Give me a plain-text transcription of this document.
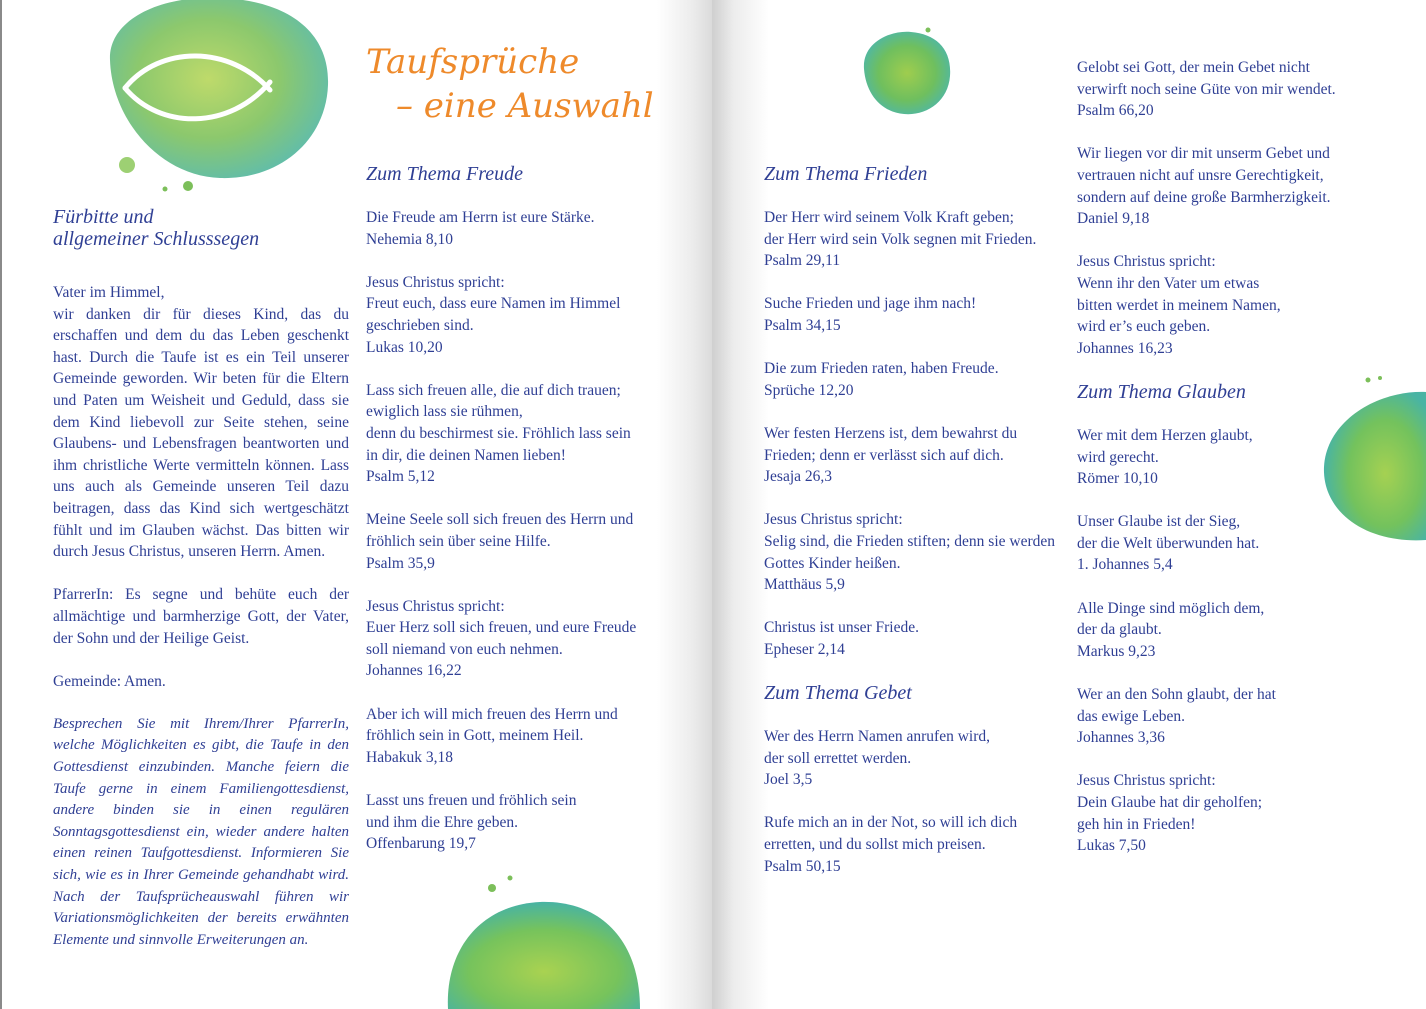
Fürbitte und
allgemeiner Schlusssegen
Vater im Himmel,

wir danken dir für dieses Kind, das du erschaffen und dem du das Leben geschenkt hast. Durch die Taufe ist es ein Teil unserer Gemeinde geworden. Wir beten für die Eltern und Paten um Weisheit und Geduld, dass sie dem Kind liebevoll zur Seite stehen, seine Glaubens- und Lebensfragen beantworten und ihm christliche Werte vermitteln können. Lass uns auch als Gemeinde unseren Teil dazu beitragen, dass das Kind sich wertgeschätzt fühlt und im Glauben wächst. Das bitten wir durch Jesus Christus, unseren Herrn. Amen.

PfarrerIn: Es segne und behüte euch der allmächtige und barmherzige Gott, der Vater, der Sohn und der Heilige Geist.

Gemeinde: Amen.

Besprechen Sie mit Ihrem/Ihrer PfarrerIn, welche Möglichkeiten es gibt, die Taufe in den Gottesdienst einzubinden. Manche feiern die Taufe gerne in einem Familiengottesdienst, andere binden sie in einen regulären Sonntagsgottesdienst ein, wieder andere halten einen reinen Taufgottesdienst. Informieren Sie sich, wie es in Ihrer Gemeinde gehandhabt wird. Nach der Taufsprücheauswahl führen wir Variationsmöglichkeiten der bereits erwähnten Elemente und sinnvolle Erweiterungen an.

Taufsprüche
– eine Auswahl
Zum Thema Freude
Die Freude am Herrn ist eure Stärke.
Nehemia 8,10
Jesus Christus spricht:
Freut euch, dass eure Namen im Himmel
geschrieben sind.
Lukas 10,20
Lass sich freuen alle, die auf dich trauen;
ewiglich lass sie rühmen,
denn du beschirmest sie. Fröhlich lass sein
in dir, die deinen Namen lieben!
Psalm 5,12
Meine Seele soll sich freuen des Herrn und
fröhlich sein über seine Hilfe.
Psalm 35,9
Jesus Christus spricht:
Euer Herz soll sich freuen, und eure Freude
soll niemand von euch nehmen.
Johannes 16,22
Aber ich will mich freuen des Herrn und
fröhlich sein in Gott, meinem Heil.
Habakuk 3,18
Lasst uns freuen und fröhlich sein
und ihm die Ehre geben.
Offenbarung 19,7
Zum Thema Frieden
Der Herr wird seinem Volk Kraft geben;
der Herr wird sein Volk segnen mit Frieden.
Psalm 29,11
Suche Frieden und jage ihm nach!
Psalm 34,15
Die zum Frieden raten, haben Freude.
Sprüche 12,20
Wer festen Herzens ist, dem bewahrst du
Frieden; denn er verlässt sich auf dich.
Jesaja 26,3
Jesus Christus spricht:
Selig sind, die Frieden stiften; denn sie werden
Gottes Kinder heißen.
Matthäus 5,9
Christus ist unser Friede.
Epheser 2,14
Zum Thema Gebet
Wer des Herrn Namen anrufen wird,
der soll errettet werden.
Joel 3,5
Rufe mich an in der Not, so will ich dich
erretten, und du sollst mich preisen.
Psalm 50,15
Gelobt sei Gott, der mein Gebet nicht
verwirft noch seine Güte von mir wendet.
Psalm 66,20
Wir liegen vor dir mit unserm Gebet und
vertrauen nicht auf unsre Gerechtigkeit,
sondern auf deine große Barmherzigkeit.
Daniel 9,18
Jesus Christus spricht:
Wenn ihr den Vater um etwas
bitten werdet in meinem Namen,
wird er’s euch geben.
Johannes 16,23
Zum Thema Glauben
Wer mit dem Herzen glaubt,
wird gerecht.
Römer 10,10
Unser Glaube ist der Sieg,
der die Welt überwunden hat.
1. Johannes 5,4
Alle Dinge sind möglich dem,
der da glaubt.
Markus 9,23
Wer an den Sohn glaubt, der hat
das ewige Leben.
Johannes 3,36
Jesus Christus spricht:
Dein Glaube hat dir geholfen;
geh hin in Frieden!
Lukas 7,50
